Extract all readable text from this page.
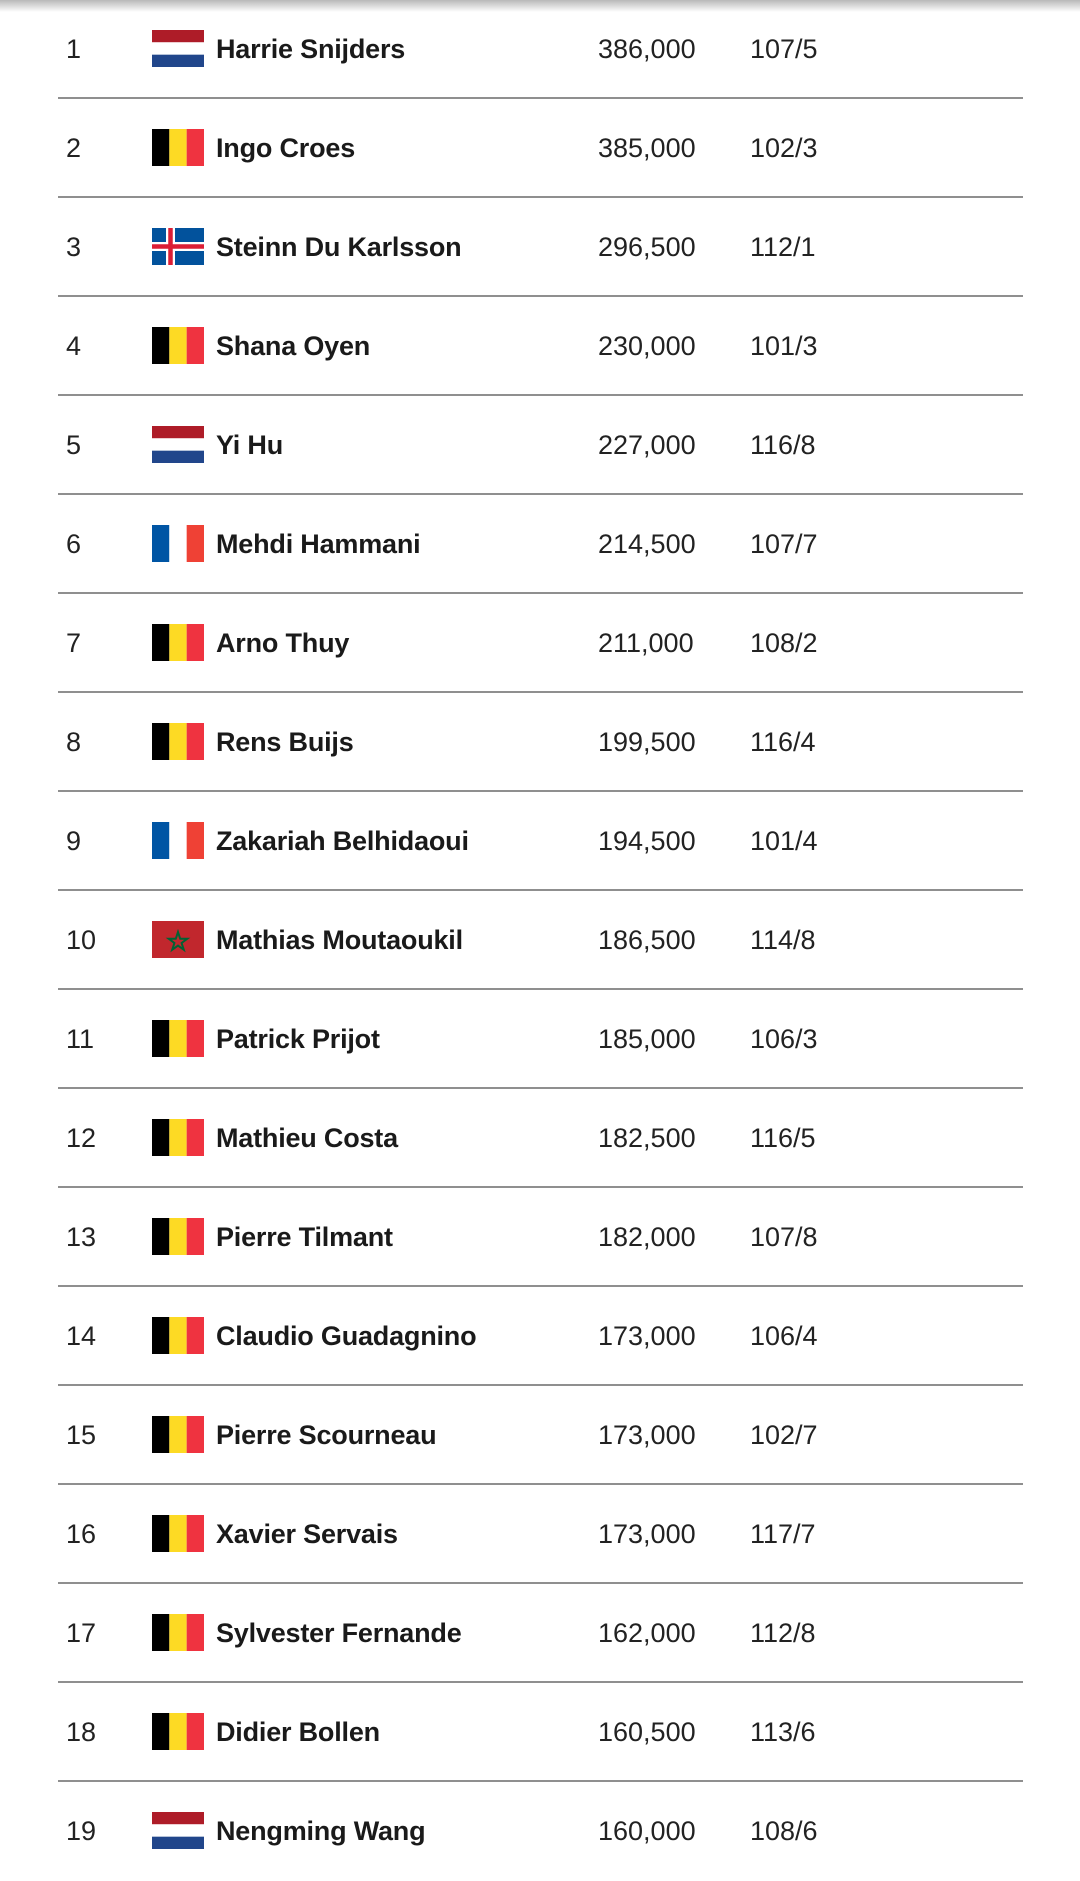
1	Harrie Snijders	386,000 107/5
2	Ingo Croes	385,000 102/3
3	Steinn Du Karlsson	296,500 112/1
4	Shana Oyen	230,000 101/3
5	Yi Hu	227,000 116/8
6	Mehdi Hammani	214,500 107/7
7	Arno Thuy	211,000 108/2
8	Rens Buijs	199,500 116/4
9	Zakariah Belhidaoui	194,500 101/4
10	Mathias Moutaoukil	186,500 114/8
11	Patrick Prijot	185,000 106/3
12	Mathieu Costa	182,500 116/5
13	Pierre Tilmant	182,000 107/8
14	Claudio Guadagnino	173,000 106/4
15	Pierre Scourneau	173,000 102/7
16	Xavier Servais	173,000 117/7
17	Sylvester Fernande	162,000 112/8
18	Didier Bollen	160,500 113/6
19	Nengming Wang	160,000 108/6
